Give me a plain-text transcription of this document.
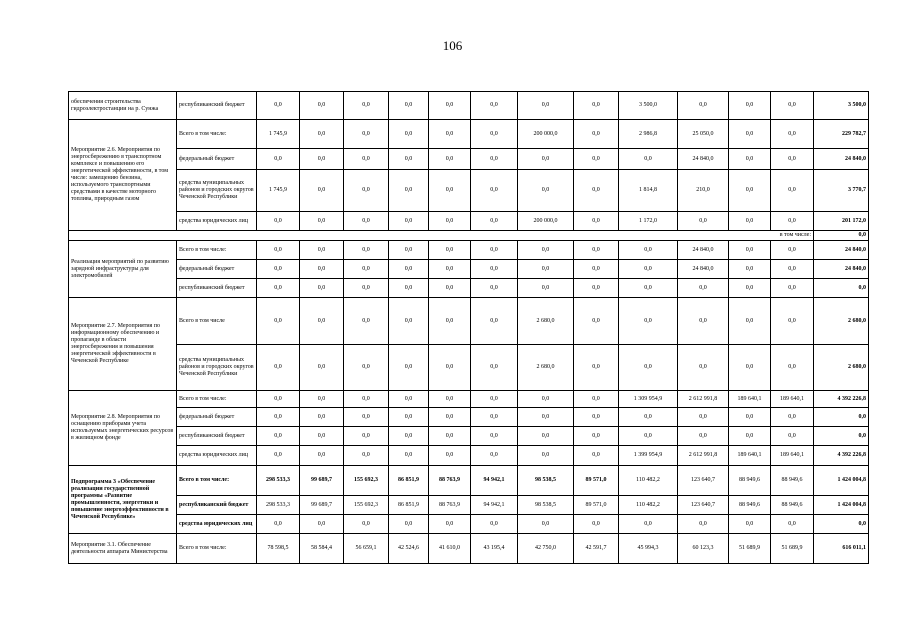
106
обеспечения строительства гидроэлектростанции на р. Сунжа	республиканский бюджет	0,0	0,0	0,0	0,0	0,0	0,0	0,0	0,0	3 500,0	0,0	0,0	0,0	3 500,0
Мероприятие 2.6. Мероприятия по энергосбережению в транспортном комплексе и повышению его энергетической эффективности, в том числе: замещению бензина, используемого транспортными средствами в качестве моторного топлива, природным газом	Всего в том числе:	1 745,9	0,0	0,0	0,0	0,0	0,0	200 000,0	0,0	2 986,8	25 050,0	0,0	0,0	229 782,7
	федеральный бюджет	0,0	0,0	0,0	0,0	0,0	0,0	0,0	0,0	0,0	24 840,0	0,0	0,0	24 840,0
	средства муниципальных районов и городских округов Чеченской Республики	1 745,9	0,0	0,0	0,0	0,0	0,0	0,0	0,0	1 814,8	210,0	0,0	0,0	3 770,7
	средства юридических лиц	0,0	0,0	0,0	0,0	0,0	0,0	200 000,0	0,0	1 172,0	0,0	0,0	0,0	201 172,0
в том числе:														0,0
Реализация мероприятий по развитию зарядной инфраструктуры для электромобилей	Всего в том числе:	0,0	0,0	0,0	0,0	0,0	0,0	0,0	0,0	0,0	24 840,0	0,0	0,0	24 840,0
	федеральный бюджет	0,0	0,0	0,0	0,0	0,0	0,0	0,0	0,0	0,0	24 840,0	0,0	0,0	24 840,0
	республиканский бюджет	0,0	0,0	0,0	0,0	0,0	0,0	0,0	0,0	0,0	0,0	0,0	0,0	0,0
Мероприятие 2.7. Мероприятия по информационному обеспечению и пропаганде в области энергосбережения и повышения энергетической эффективности в Чеченской Республике	Всего в том числе	0,0	0,0	0,0	0,0	0,0	0,0	2 680,0	0,0	0,0	0,0	0,0	0,0	2 680,0
	средства муниципальных районов и городских округов Чеченской Республики	0,0	0,0	0,0	0,0	0,0	0,0	2 680,0	0,0	0,0	0,0	0,0	0,0	2 680,0
Мероприятие 2.8. Мероприятия по оснащению приборами учета используемых энергетических ресурсов в жилищном фонде	Всего в том числе:	0,0	0,0	0,0	0,0	0,0	0,0	0,0	0,0	1 309 954,9	2 612 991,8	189 640,1	189 640,1	4 392 226,8
	федеральный бюджет	0,0	0,0	0,0	0,0	0,0	0,0	0,0	0,0	0,0	0,0	0,0	0,0	0,0
	республиканский бюджет	0,0	0,0	0,0	0,0	0,0	0,0	0,0	0,0	0,0	0,0	0,0	0,0	0,0
	средства юридических лиц	0,0	0,0	0,0	0,0	0,0	0,0	0,0	0,0	1 399 954,9	2 612 991,8	189 640,1	189 640,1	4 392 226,8
Подпрограмма 3 «Обеспечение реализации государственной программы «Развитие промышленности, энергетики и повышение энергоэффективности в Чеченской Республике»	Всего в том числе:	298 533,3	99 689,7	155 692,3	86 851,9	88 763,9	94 942,1	98 538,5	89 571,0	110 482,2	123 640,7	88 949,6	88 949,6	1 424 004,8
	республиканский бюджет	298 533,3	99 689,7	155 692,3	86 851,9	88 763,9	94 942,1	98 538,5	89 571,0	110 482,2	123 640,7	88 949,6	88 949,6	1 424 004,8
	средства юридических лиц	0,0	0,0	0,0	0,0	0,0	0,0	0,0	0,0	0,0	0,0	0,0	0,0	0,0
Мероприятие 3.1. Обеспечение деятельности аппарата Министерства	Всего в том числе:	78 598,5	58 584,4	56 659,1	42 524,6	41 610,0	43 195,4	42 750,0	42 591,7	45 994,3	60 123,3	51 689,9	51 689,9	616 011,1
